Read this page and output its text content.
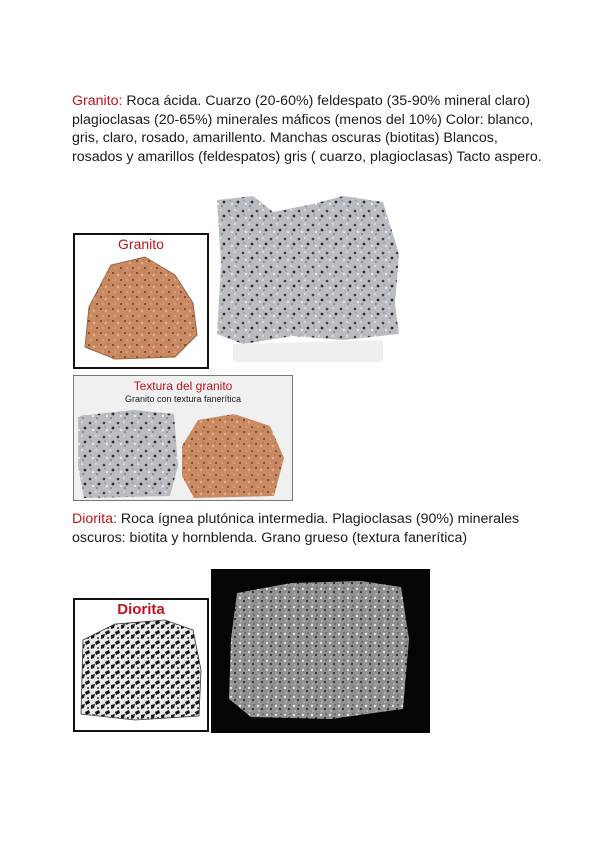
Granito: Roca ácida. Cuarzo (20-60%) feldespato (35-90% mineral claro) plagioclasas (20-65%) minerales máficos (menos del 10%) Color: blanco, gris, claro, rosado, amarillento. Manchas oscuras (biotitas) Blancos, rosados y amarillos (feldespatos) gris ( cuarzo, plagioclasas) Tacto aspero.
Granito
Textura del granito
Granito con textura fanerítica
Diorita: Roca ígnea plutónica intermedia. Plagioclasas (90%) minerales oscuros: biotita y hornblenda. Grano grueso (textura fanerítica)
Diorita
